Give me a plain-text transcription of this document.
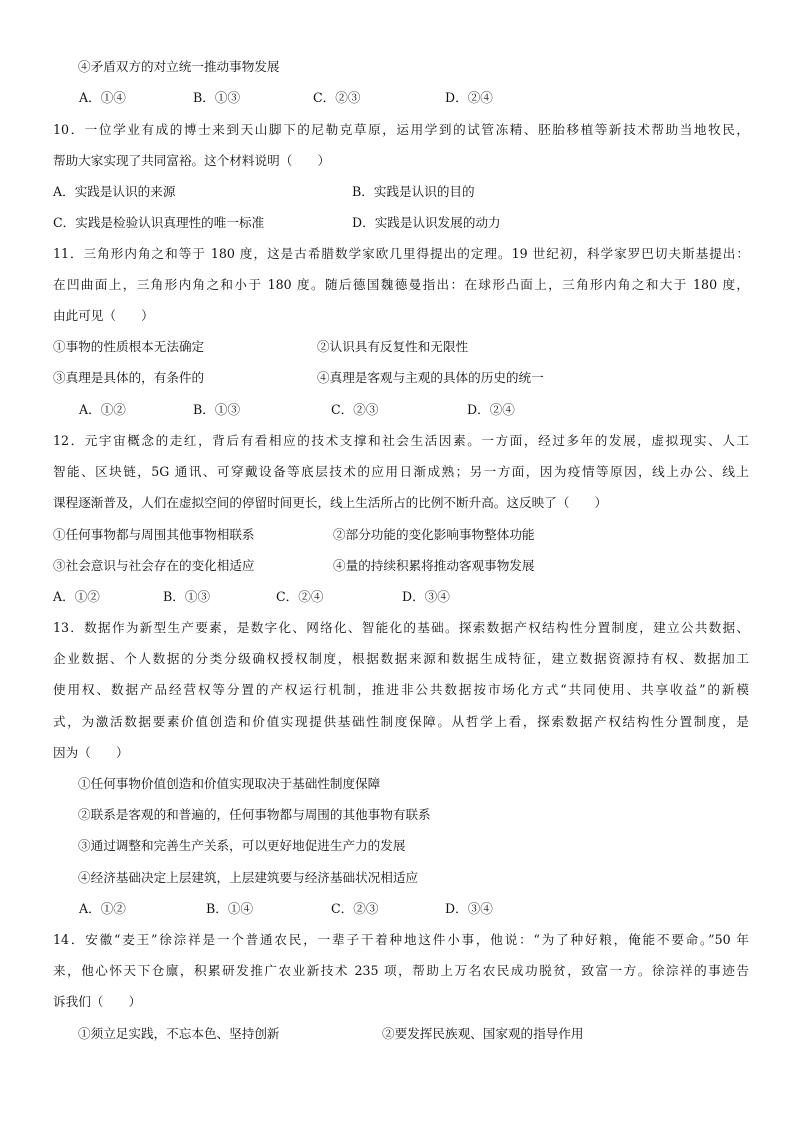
④矛盾双方的对立统一推动事物发展
A．①④	B．①③	C．②③	D．②④
10．一位学业有成的博士来到天山脚下的尼勒克草原，运用学到的试管冻精、胚胎移植等新技术帮助当地牧民，
帮助大家实现了共同富裕。这个材料说明（　　）
A．实践是认识的来源	B．实践是认识的目的
C．实践是检验认识真理性的唯一标准	D．实践是认识发展的动力
11．三角形内角之和等于 180 度，这是古希腊数学家欧几里得提出的定理。19 世纪初，科学家罗巴切夫斯基提出：
在凹曲面上，三角形内角之和小于 180 度。随后德国魏德曼指出：在球形凸面上，三角形内角之和大于 180 度，
由此可见（　　）
①事物的性质根本无法确定	②认识具有反复性和无限性
③真理是具体的，有条件的	④真理是客观与主观的具体的历史的统一
A．①②	B．①③	C．②③	D．②④
12．元宇宙概念的走红，背后有看相应的技术支撑和社会生活因素。一方面，经过多年的发展，虚拟现实、人工
智能、区块链，5G 通讯、可穿戴设备等底层技术的应用日渐成熟；另一方面，因为疫情等原因，线上办公、线上
课程逐渐普及，人们在虚拟空间的停留时间更长，线上生活所占的比例不断升高。这反映了（　　）
①任何事物都与周围其他事物相联系	②部分功能的变化影响事物整体功能
③社会意识与社会存在的变化相适应	④量的持续积累将推动客观事物发展
A．①②	B．①③	C．②④	D．③④
13．数据作为新型生产要素，是数字化、网络化、智能化的基础。探索数据产权结构性分置制度，建立公共数据、
企业数据、个人数据的分类分级确权授权制度，根据数据来源和数据生成特征，建立数据资源持有权、数据加工
使用权、数据产品经营权等分置的产权运行机制，推进非公共数据按市场化方式“共同使用、共享收益”的新模
式，为激活数据要素价值创造和价值实现提供基础性制度保障。从哲学上看，探索数据产权结构性分置制度，是
因为（　　）
①任何事物价值创造和价值实现取决于基础性制度保障
②联系是客观的和普遍的，任何事物都与周围的其他事物有联系
③通过调整和完善生产关系，可以更好地促进生产力的发展
④经济基础决定上层建筑，上层建筑要与经济基础状况相适应
A．①②	B．①④	C．②③	D．③④
14．安徽“麦王”徐淙祥是一个普通农民，一辈子干着种地这件小事，他说：“为了种好粮，俺能不要命。”50 年
来，他心怀天下仓廪，积累研发推广农业新技术 235 项，帮助上万名农民成功脱贫，致富一方。徐淙祥的事迹告
诉我们（　　）
①须立足实践，不忘本色、坚持创新	②要发挥民族观、国家观的指导作用
